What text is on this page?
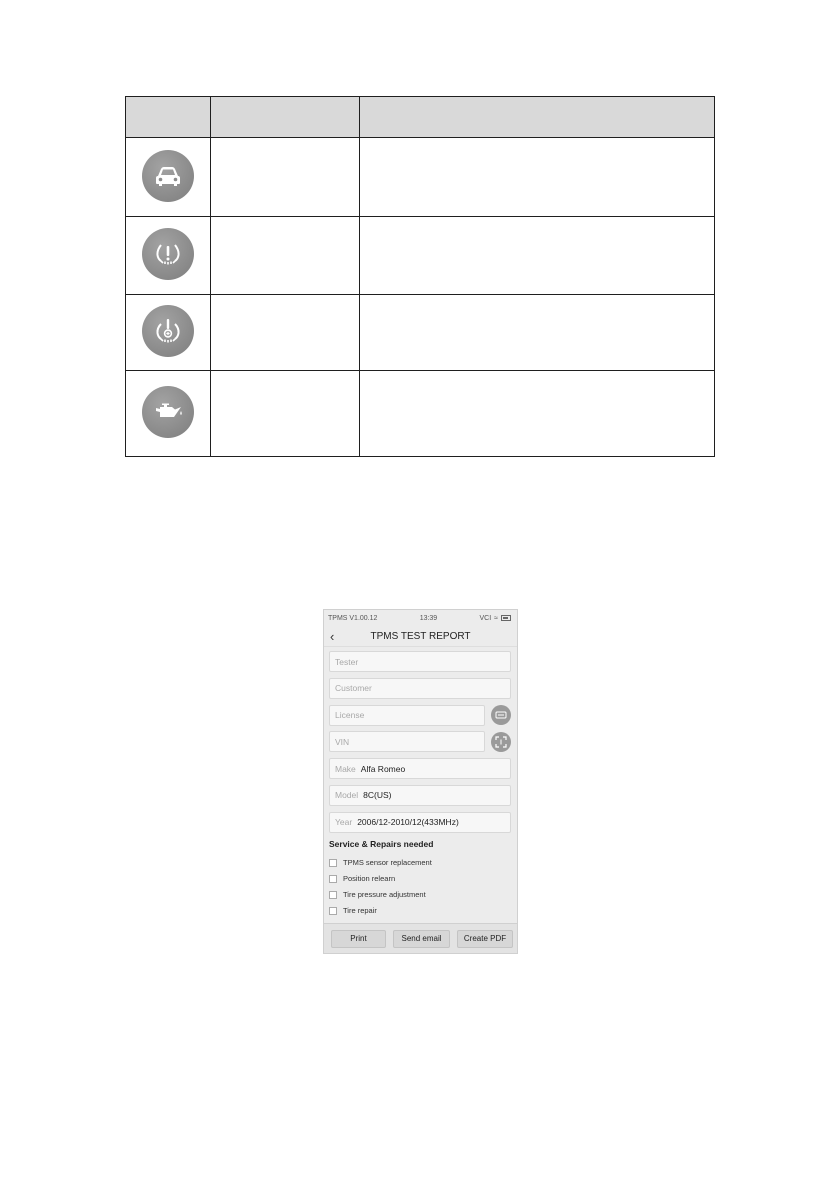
TPMS V1.00.12	13:39	VCI ≈
‹	TPMS TEST REPORT
Tester
Customer
License
VIN
Make Alfa Romeo
Model 8C(US)
Year 2006/12-2010/12(433MHz)
Service & Repairs needed
TPMS sensor replacement
Position relearn
Tire pressure adjustment
Tire repair
Print	Send email	Create PDF
